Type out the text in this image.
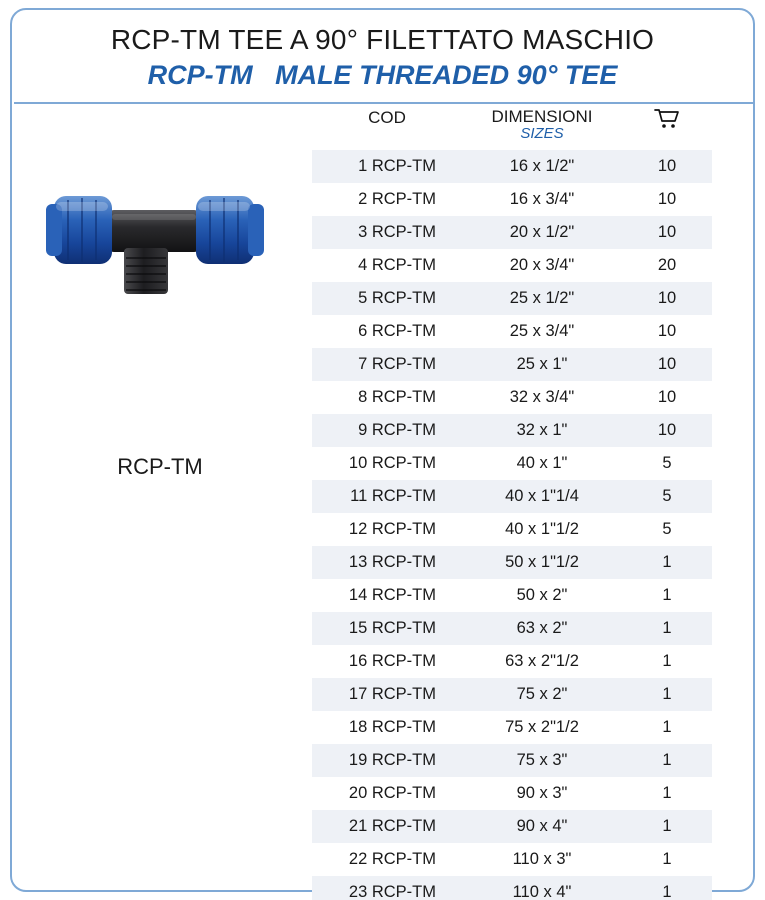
RCP-TM TEE A 90° FILETTATO MASCHIO
RCP-TM MALE THREADED 90° TEE
RCP-TM
COD	DIMENSIONI
SIZES

1 RCP-TM	16 x 1/2"	10
2 RCP-TM	16 x 3/4"	10
3 RCP-TM	20 x 1/2"	10
4 RCP-TM	20 x 3/4"	20
5 RCP-TM	25 x 1/2"	10
6 RCP-TM	25 x 3/4"	10
7 RCP-TM	25 x 1"	10
8 RCP-TM	32 x 3/4"	10
9 RCP-TM	32 x 1"	10
10 RCP-TM	40 x 1"	5
11 RCP-TM	40 x 1"1/4	5
12 RCP-TM	40 x 1"1/2	5
13 RCP-TM	50 x 1"1/2	1
14 RCP-TM	50 x 2"	1
15 RCP-TM	63 x 2"	1
16 RCP-TM	63 x 2"1/2	1
17 RCP-TM	75 x 2"	1
18 RCP-TM	75 x 2"1/2	1
19 RCP-TM	75 x 3"	1
20 RCP-TM	90 x 3"	1
21 RCP-TM	90 x 4"	1
22 RCP-TM	110 x 3"	1
23 RCP-TM	110 x 4"	1
